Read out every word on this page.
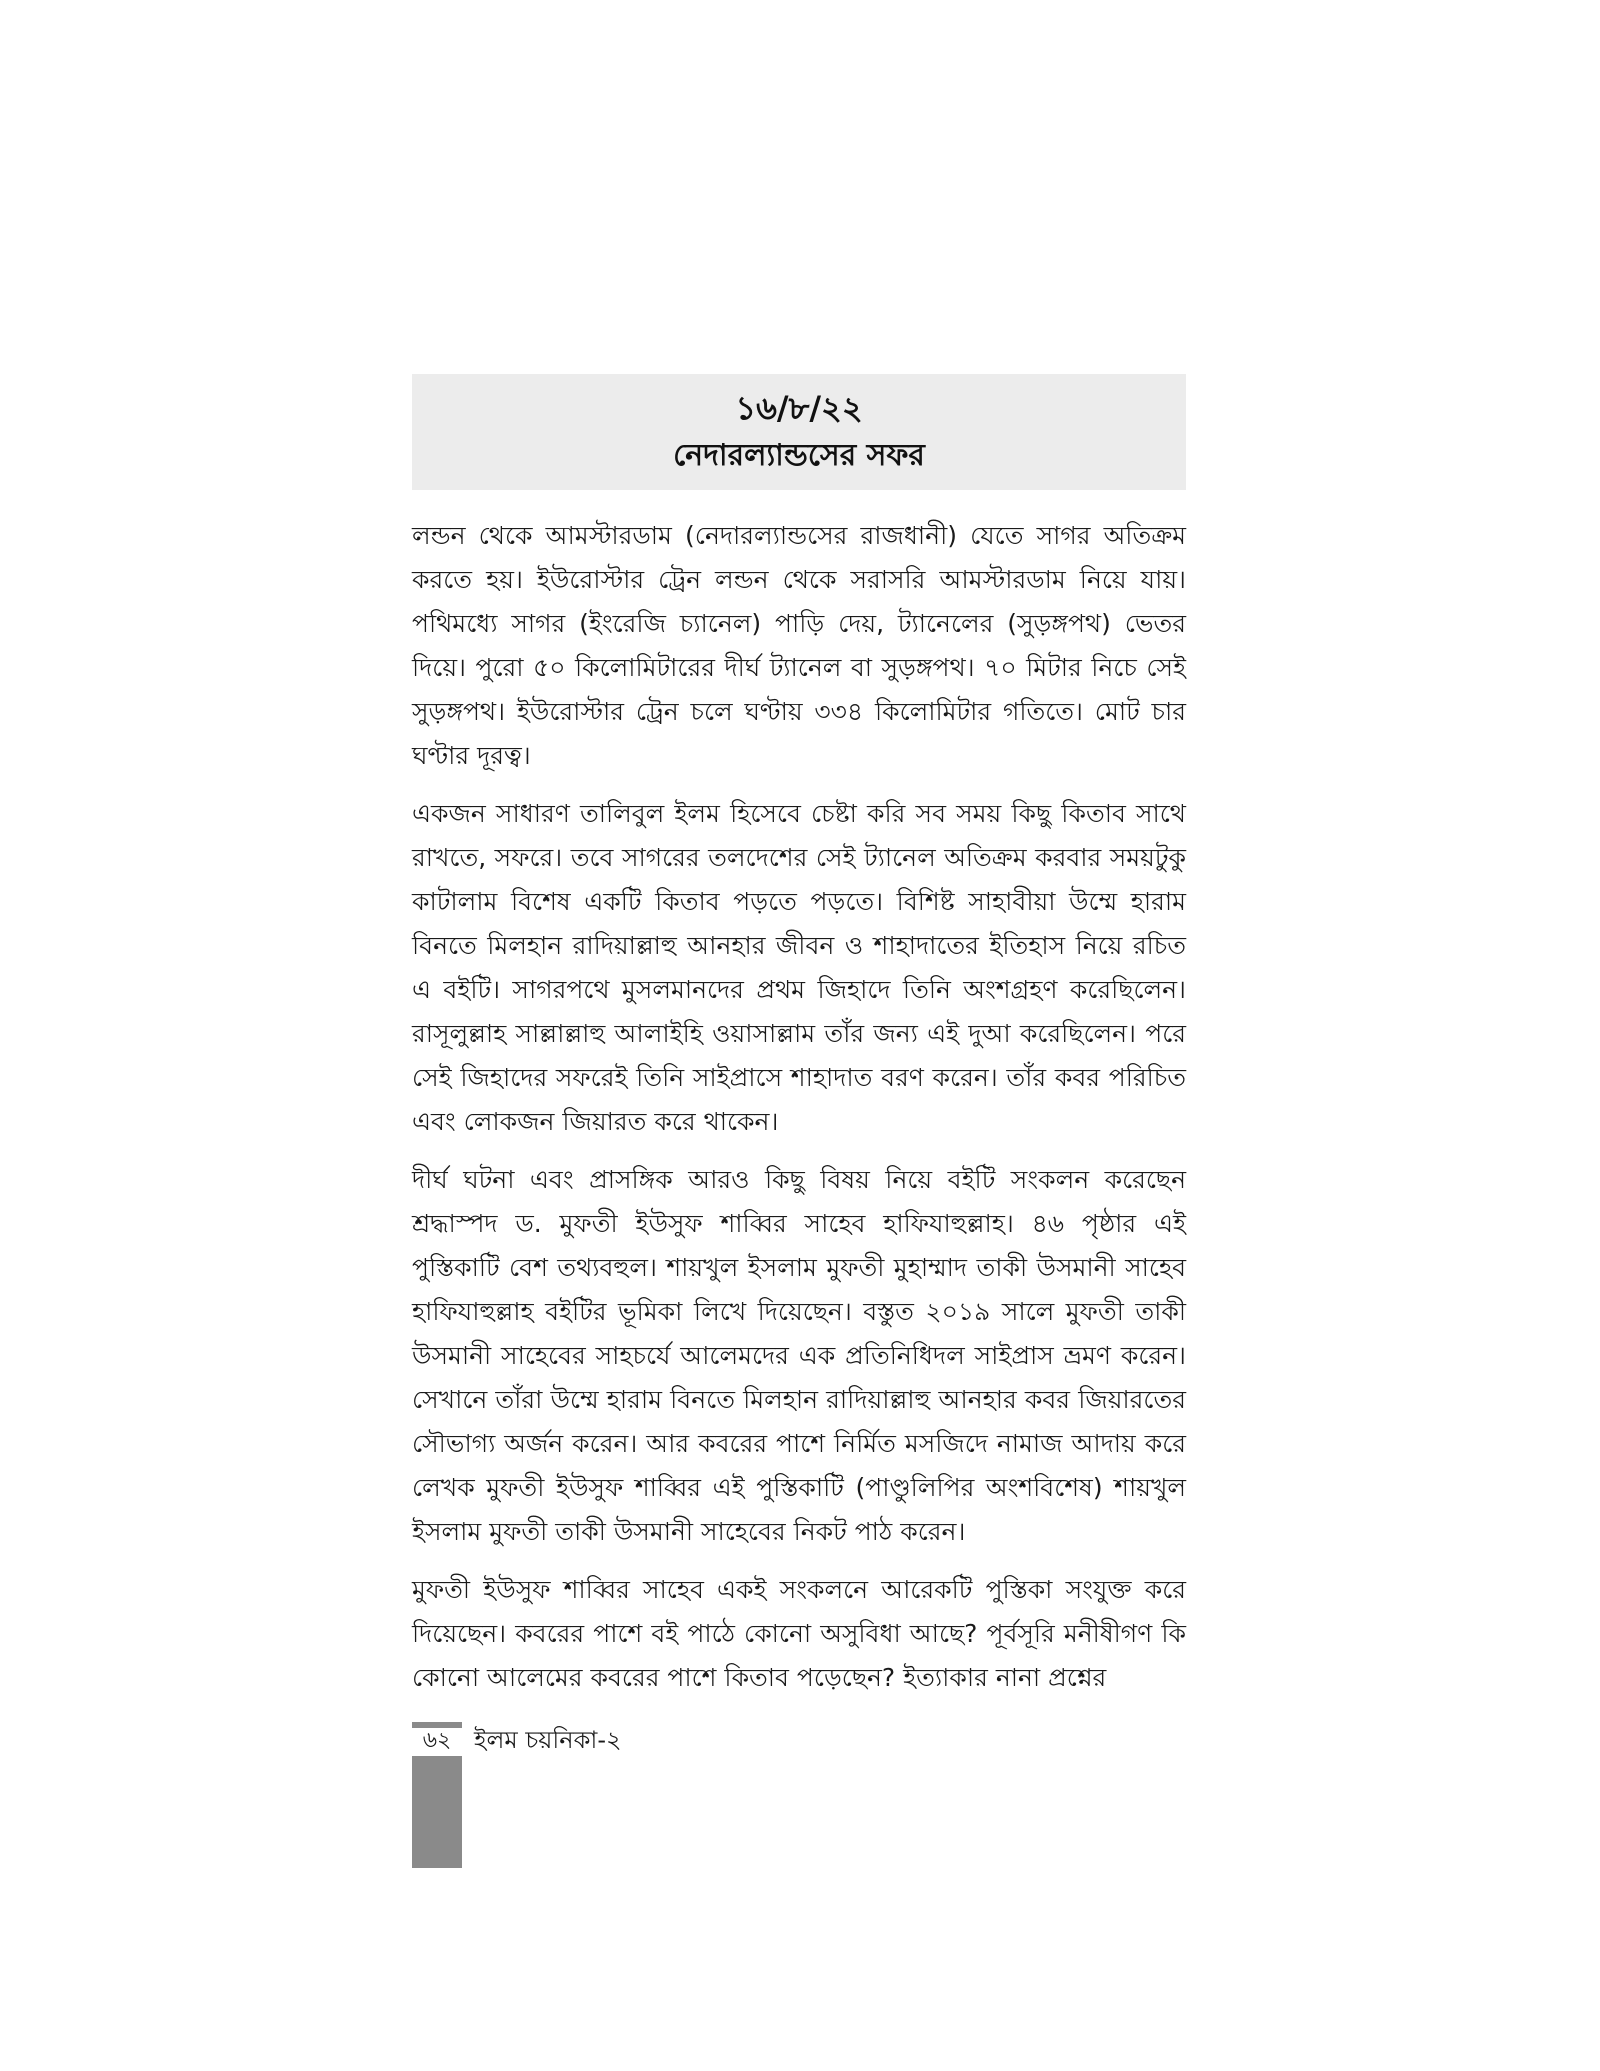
১৬/৮/২২
নেদারল্যান্ডসের সফর

লন্ডন থেকে আমস্টারডাম (নেদারল্যান্ডসের রাজধানী) যেতে সাগর অতিক্রম করতে হয়। ইউরোস্টার ট্রেন লন্ডন থেকে সরাসরি আমস্টারডাম নিয়ে যায়। পথিমধ্যে সাগর (ইংরেজি চ্যানেল) পাড়ি দেয়, ট্যানেলের (সুড়ঙ্গপথ) ভেতর দিয়ে। পুরো ৫০ কিলোমিটারের দীর্ঘ ট্যানেল বা সুড়ঙ্গপথ। ৭০ মিটার নিচে সেই সুড়ঙ্গপথ। ইউরোস্টার ট্রেন চলে ঘণ্টায় ৩৩৪ কিলোমিটার গতিতে। মোট চার ঘণ্টার দূরত্ব।

একজন সাধারণ তালিবুল ইলম হিসেবে চেষ্টা করি সব সময় কিছু কিতাব সাথে রাখতে, সফরে। তবে সাগরের তলদেশের সেই ট্যানেল অতিক্রম করবার সময়টুকু কাটালাম বিশেষ একটি কিতাব পড়তে পড়তে। বিশিষ্ট সাহাবীয়া উম্মে হারাম বিনতে মিলহান রাদিয়াল্লাহু আনহার জীবন ও শাহাদাতের ইতিহাস নিয়ে রচিত এ বইটি। সাগরপথে মুসলমানদের প্রথম জিহাদে তিনি অংশগ্রহণ করেছিলেন। রাসূলুল্লাহ সাল্লাল্লাহু আলাইহি ওয়াসাল্লাম তাঁর জন্য এই দুআ করেছিলেন। পরে সেই জিহাদের সফরেই তিনি সাইপ্রাসে শাহাদাত বরণ করেন। তাঁর কবর পরিচিত এবং লোকজন জিয়ারত করে থাকেন।

দীর্ঘ ঘটনা এবং প্রাসঙ্গিক আরও কিছু বিষয় নিয়ে বইটি সংকলন করেছেন শ্রদ্ধাস্পদ ড. মুফতী ইউসুফ শাব্বির সাহেব হাফিযাহুল্লাহ। ৪৬ পৃষ্ঠার এই পুস্তিকাটি বেশ তথ্যবহুল। শায়খুল ইসলাম মুফতী মুহাম্মাদ তাকী উসমানী সাহেব হাফিযাহুল্লাহ বইটির ভূমিকা লিখে দিয়েছেন। বস্তুত ২০১৯ সালে মুফতী তাকী উসমানী সাহেবের সাহচর্যে আলেমদের এক প্রতিনিধিদল সাইপ্রাস ভ্রমণ করেন। সেখানে তাঁরা উম্মে হারাম বিনতে মিলহান রাদিয়াল্লাহু আনহার কবর জিয়ারতের সৌভাগ্য অর্জন করেন। আর কবরের পাশে নির্মিত মসজিদে নামাজ আদায় করে লেখক মুফতী ইউসুফ শাব্বির এই পুস্তিকাটি (পাণ্ডুলিপির অংশবিশেষ) শায়খুল ইসলাম মুফতী তাকী উসমানী সাহেবের নিকট পাঠ করেন।

মুফতী ইউসুফ শাব্বির সাহেব একই সংকলনে আরেকটি পুস্তিকা সংযুক্ত করে দিয়েছেন। কবরের পাশে বই পাঠে কোনো অসুবিধা আছে? পূর্বসূরি মনীষীগণ কি কোনো আলেমের কবরের পাশে কিতাব পড়েছেন? ইত্যাকার নানা প্রশ্নের

৬২ ইলম চয়নিকা-২
